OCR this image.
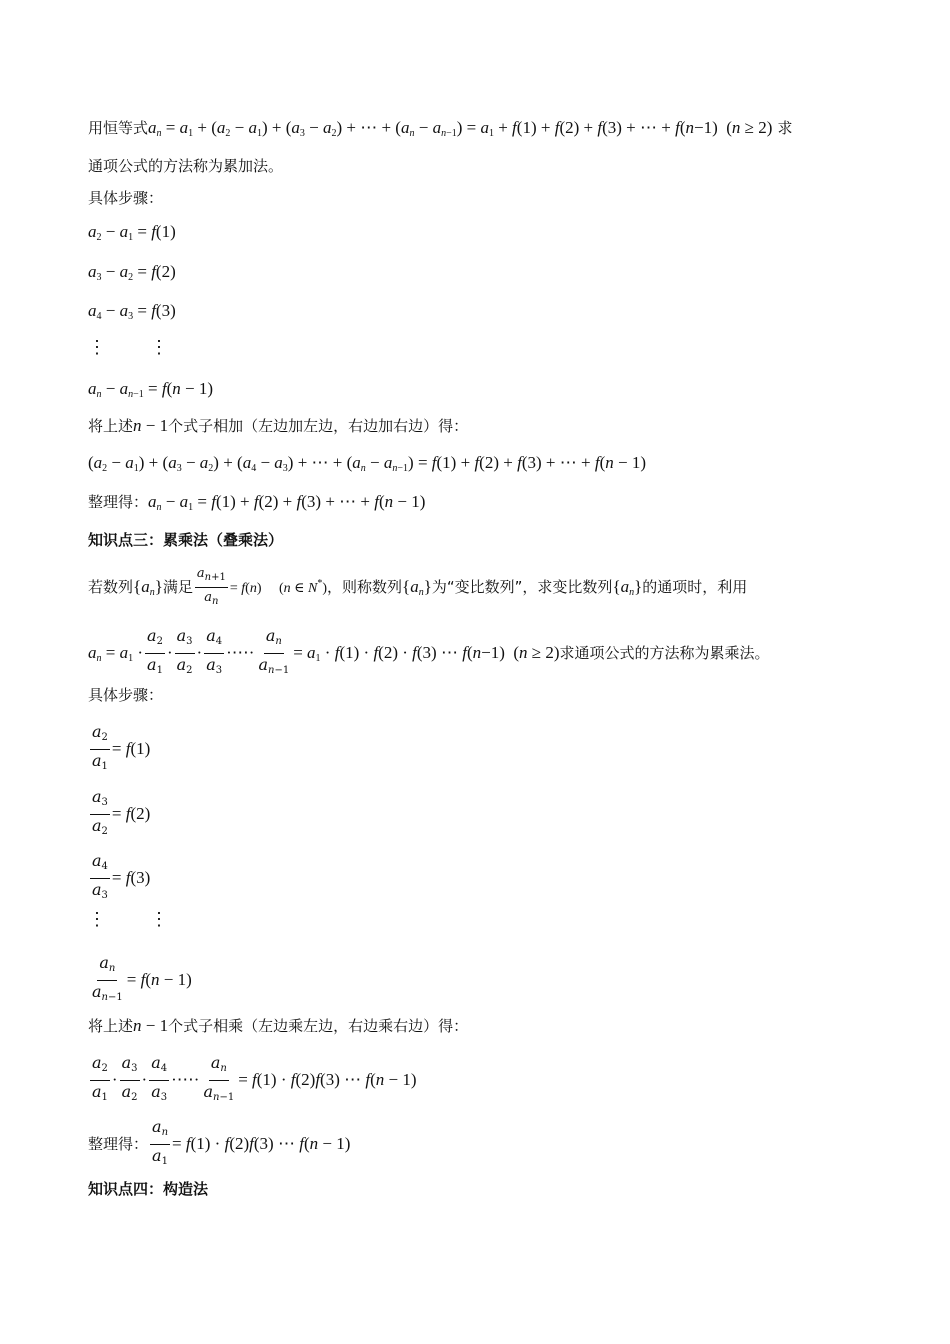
用恒等式$a_n = a_1 + (a_2 - a_1) + (a_3 - a_2)$ + ⋯ + $(a_n - a_{n-1}) = a_1 + f(1) + f(2) + f(3)$ + ⋯ + f(n−1)  (n ≥ 2) 求
通项公式的方法称为累加法。
具体步骤：
$a_2 - a_1 = f(1)$
$a_3 - a_2 = f(2)$
$a_4 - a_3 = f(3)$
⋮ ⋮
$a_n - a_{n-1} = f(n - 1)$
将上述n − 1个式子相加（左边加左边，右边加右边）得：
$(a_2 - a_1) + (a_3 - a_2) + (a_4 - a_3)$ + ⋯ + $(a_n - a_{n-1}) = f(1) + f(2) + f(3)$ + ⋯ + f(n − 1)
整理得：$a_n - a_1 = f(1) + f(2) + f(3)$ + ⋯ + f(n − 1)
知识点三：累乘法（叠乘法）
若数列$\{a_n\}$满足 $\frac{a_{n+1}}{a_n} = f(n)$     (n ∈ N*)，则称数列$\{a_n\}$为“变比数列”，求变比数列$\{a_n\}$的通项时，利用
$a_n = a_1 \cdot \frac{a_2}{a_1} \cdot \frac{a_3}{a_2} \cdot \frac{a_4}{a_3}$ ·⋯· $\frac{a_n}{a_{n-1}} = a_1 \cdot f(1) \cdot f(2) \cdot f(3)$ ⋯ f(n−1)  (n ≥ 2)求通项公式的方法称为累乘法。
具体步骤：
$\frac{a_2}{a_1} = f(1)$
$\frac{a_3}{a_2} = f(2)$
$\frac{a_4}{a_3} = f(3)$
⋮ ⋮
$\frac{a_n}{a_{n-1}} = f(n - 1)$
将上述n − 1个式子相乘（左边乘左边，右边乘右边）得：
$\frac{a_2}{a_1} \cdot \frac{a_3}{a_2} \cdot \frac{a_4}{a_3}$ ·⋯· $\frac{a_n}{a_{n-1}} = f(1) \cdot f(2)f(3)$ ⋯ f(n − 1)
整理得： $\frac{a_n}{a_1} = f(1) \cdot f(2)f(3)$ ⋯ f(n − 1)
知识点四：构造法
